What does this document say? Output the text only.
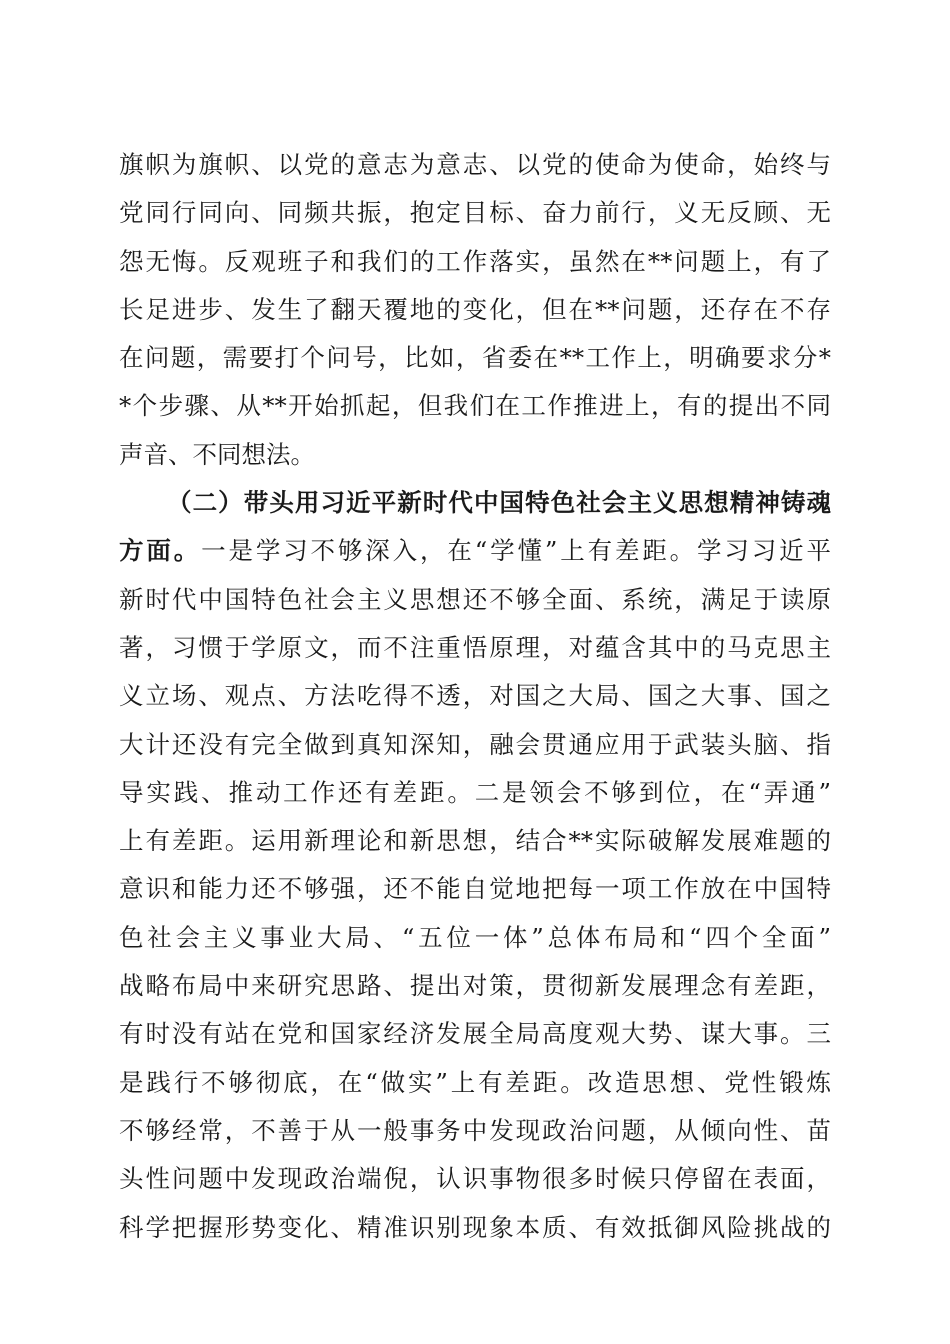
旗帜为旗帜、以党的意志为意志、以党的使命为使命，始终与
党同行同向、同频共振，抱定目标、奋力前行，义无反顾、无
怨无悔。反观班子和我们的工作落实，虽然在**问题上，有了
长足进步、发生了翻天覆地的变化，但在**问题，还存在不存
在问题，需要打个问号，比如，省委在**工作上，明确要求分*
*个步骤、从**开始抓起，但我们在工作推进上，有的提出不同
声音、不同想法。
（二）带头用习近平新时代中国特色社会主义思想精神铸魂
方面。一是学习不够深入，在“学懂”上有差距。学习习近平
新时代中国特色社会主义思想还不够全面、系统，满足于读原
著，习惯于学原文，而不注重悟原理，对蕴含其中的马克思主
义立场、观点、方法吃得不透，对国之大局、国之大事、国之
大计还没有完全做到真知深知，融会贯通应用于武装头脑、指
导实践、推动工作还有差距。二是领会不够到位，在“弄通”
上有差距。运用新理论和新思想，结合**实际破解发展难题的
意识和能力还不够强，还不能自觉地把每一项工作放在中国特
色社会主义事业大局、“五位一体”总体布局和“四个全面”
战略布局中来研究思路、提出对策，贯彻新发展理念有差距，
有时没有站在党和国家经济发展全局高度观大势、谋大事。三
是践行不够彻底，在“做实”上有差距。改造思想、党性锻炼
不够经常，不善于从一般事务中发现政治问题，从倾向性、苗
头性问题中发现政治端倪，认识事物很多时候只停留在表面，
科学把握形势变化、精准识别现象本质、有效抵御风险挑战的
